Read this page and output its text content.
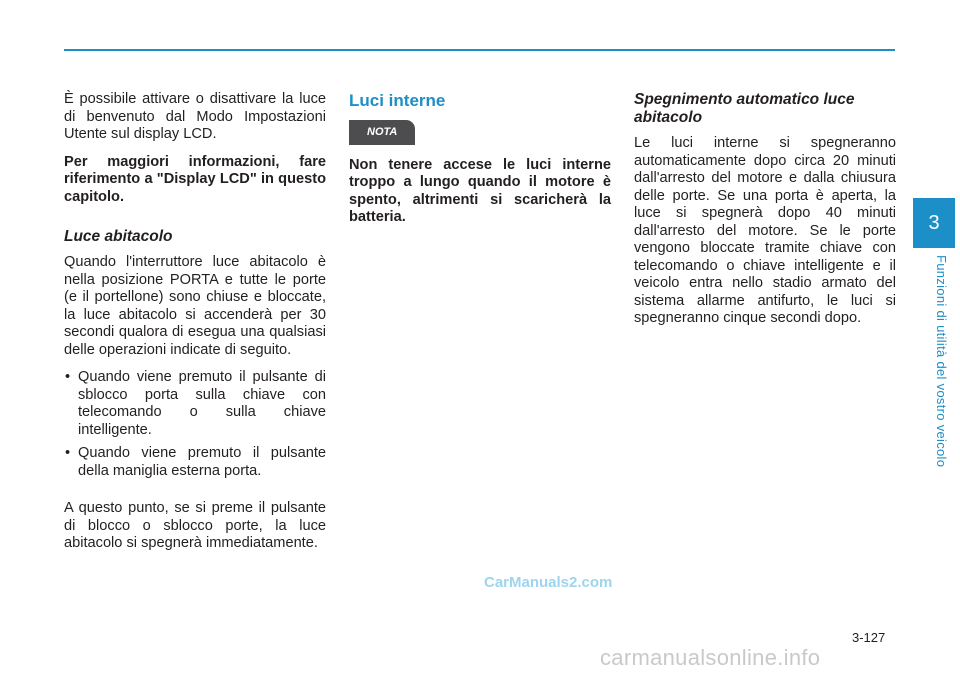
È possibile attivare o disattivare la luce di benvenuto dal Modo Impostazioni Utente sul display LCD.

Per maggiori informazioni, fare riferimento a "Display LCD" in questo capitolo.

Luce abitacolo

Quando l'interruttore luce abitacolo è nella posizione PORTA e tutte le porte (e il portellone) sono chiuse e bloccate, la luce abitacolo si accenderà per 30 secondi qualora di esegua una qualsiasi delle operazioni indicate di seguito.

• Quando viene premuto il pulsante di sblocco porta sulla chiave con telecomando o sulla chiave intelligente.
• Quando viene premuto il pulsante della maniglia esterna porta.

A questo punto, se si preme il pulsante di blocco o sblocco porte, la luce abitacolo si spegnerà immediatamente.

Luci interne
NOTA

Non tenere accese le luci interne troppo a lungo quando il motore è spento, altrimenti si scaricherà la batteria.

Spegnimento automatico luce abitacolo

Le luci interne si spegneranno automaticamente dopo circa 20 minuti dall'arresto del motore e dalla chiusura delle porte. Se una porta è aperta, la luce si spegnerà dopo 40 minuti dall'arresto del motore. Se le porte vengono bloccate tramite chiave con telecomando o chiave intelligente e il veicolo entra nello stadio armato del sistema allarme antifurto, le luci si spegneranno cinque secondi dopo.

3
Funzioni di utilità del vostro veicolo
3-127
CarManuals2.com
carmanualsonline.info
